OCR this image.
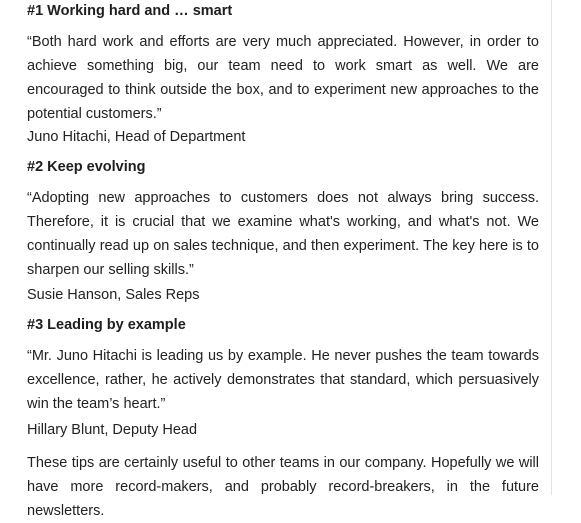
#1 Working hard and … smart

“Both hard work and efforts are very much appreciated. However, in order to achieve something big, our team need to work smart as well. We are encouraged to think outside the box, and to experiment new approaches to the potential customers.”

Juno Hitachi, Head of Department

#2 Keep evolving

“Adopting new approaches to customers does not always bring success. Therefore, it is crucial that we examine what's working, and what's not. We continually read up on sales technique, and then experiment. The key here is to sharpen our selling skills.”

Susie Hanson, Sales Reps

#3 Leading by example

“Mr. Juno Hitachi is leading us by example. He never pushes the team towards excellence, rather, he actively demonstrates that standard, which persuasively win the team’s heart.”

Hillary Blunt, Deputy Head

These tips are certainly useful to other teams in our company. Hopefully we will have more record-makers, and probably record-breakers, in the future newsletters.
